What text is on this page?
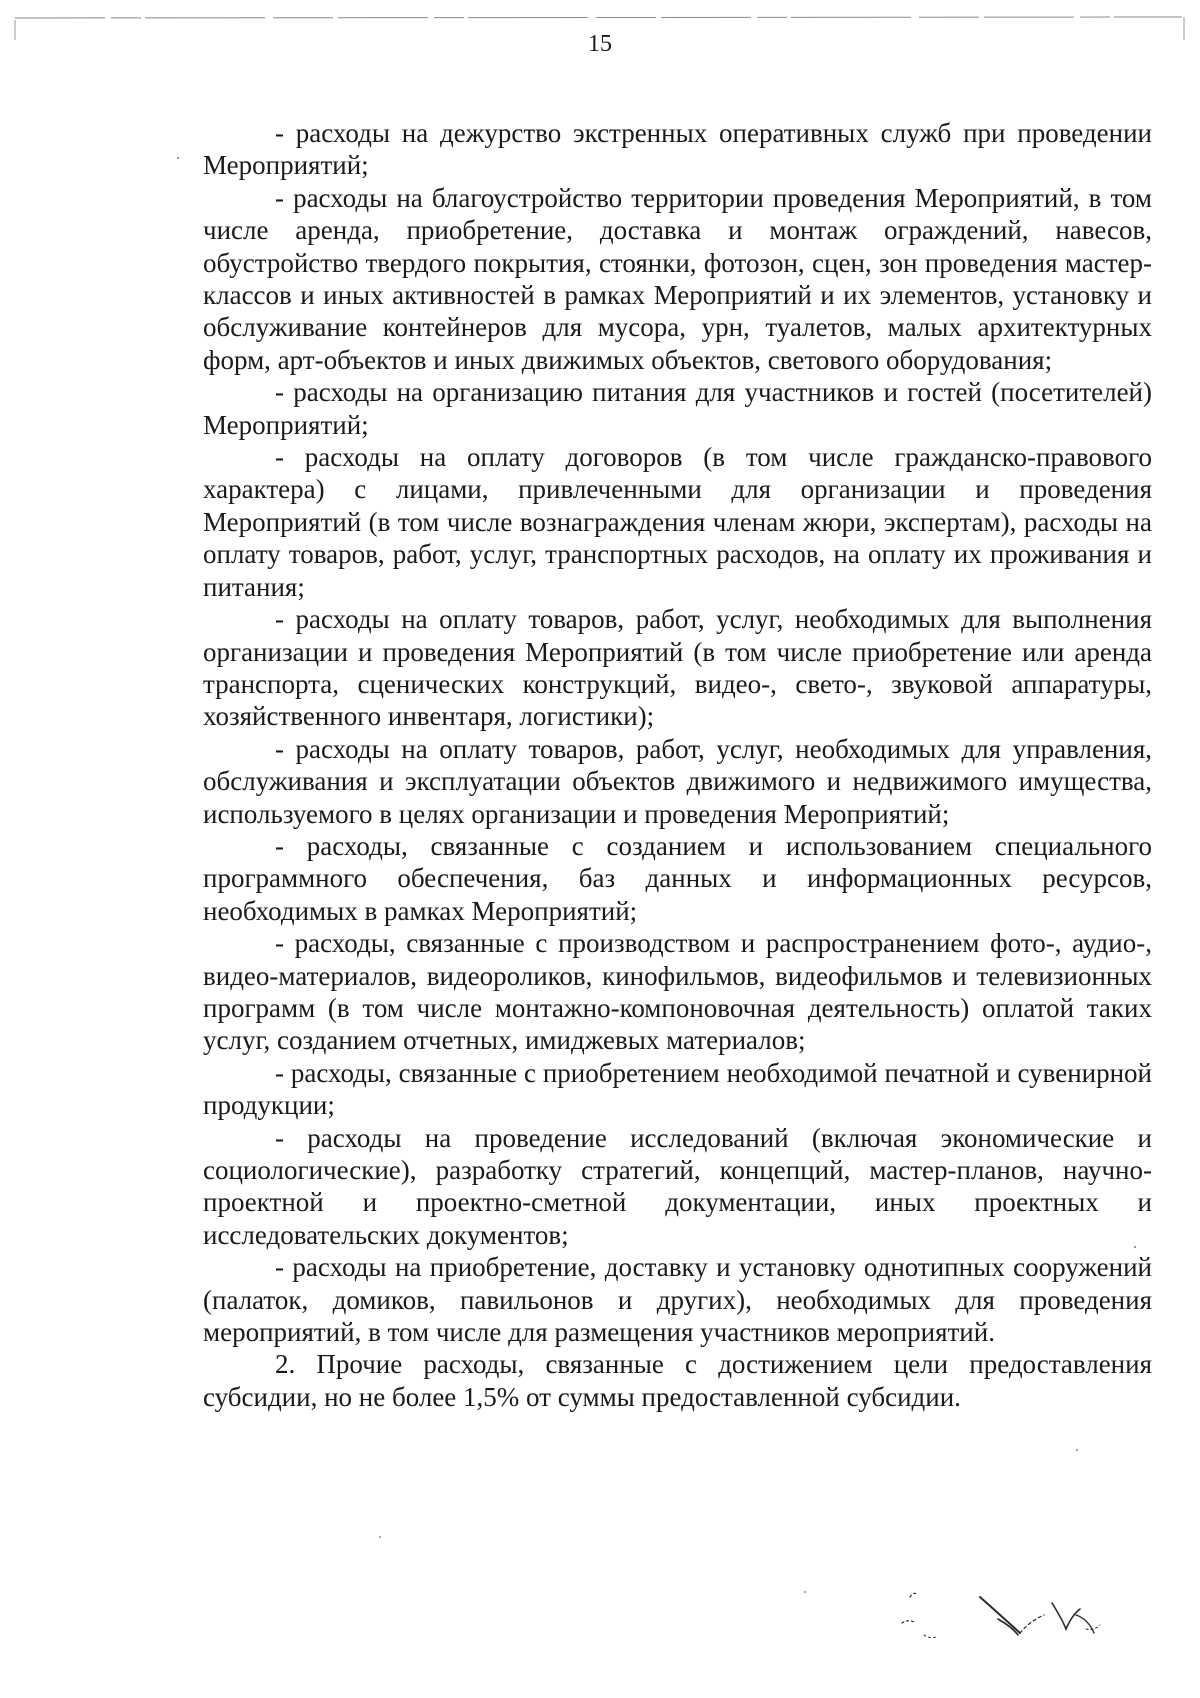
15

- расходы на дежурство экстренных оперативных служб при проведении Мероприятий;

- расходы на благоустройство территории проведения Мероприятий, в том числе аренда, приобретение, доставка и монтаж ограждений, навесов, обустройство твердого покрытия, стоянки, фотозон, сцен, зон проведения мастер-классов и иных активностей в рамках Мероприятий и их элементов, установку и обслуживание контейнеров для мусора, урн, туалетов, малых архитектурных форм, арт-объектов и иных движимых объектов, светового оборудования;

- расходы на организацию питания для участников и гостей (посетителей) Мероприятий;

- расходы на оплату договоров (в том числе гражданско-правового характера) с лицами, привлеченными для организации и проведения Мероприятий (в том числе вознаграждения членам жюри, экспертам), расходы на оплату товаров, работ, услуг, транспортных расходов, на оплату их проживания и питания;

- расходы на оплату товаров, работ, услуг, необходимых для выполнения организации и проведения Мероприятий (в том числе приобретение или аренда транспорта, сценических конструкций, видео-, свето-, звуковой аппаратуры, хозяйственного инвентаря, логистики);

- расходы на оплату товаров, работ, услуг, необходимых для управления, обслуживания и эксплуатации объектов движимого и недвижимого имущества, используемого в целях организации и проведения Мероприятий;

- расходы, связанные с созданием и использованием специального программного обеспечения, баз данных и информационных ресурсов, необходимых в рамках Мероприятий;

- расходы, связанные с производством и распространением фото-, аудио-, видео-материалов, видеороликов, кинофильмов, видеофильмов и телевизионных программ (в том числе монтажно-компоновочная деятельность) оплатой таких услуг, созданием отчетных, имиджевых материалов;

- расходы, связанные с приобретением необходимой печатной и сувенирной продукции;

- расходы на проведение исследований (включая экономические и социологические), разработку стратегий, концепций, мастер-планов, научно-проектной и проектно-сметной документации, иных проектных и исследовательских документов;

- расходы на приобретение, доставку и установку однотипных сооружений (палаток, домиков, павильонов и других), необходимых для проведения мероприятий, в том числе для размещения участников мероприятий.

2. Прочие расходы, связанные с достижением цели предоставления субсидии, но не более 1,5% от суммы предоставленной субсидии.
